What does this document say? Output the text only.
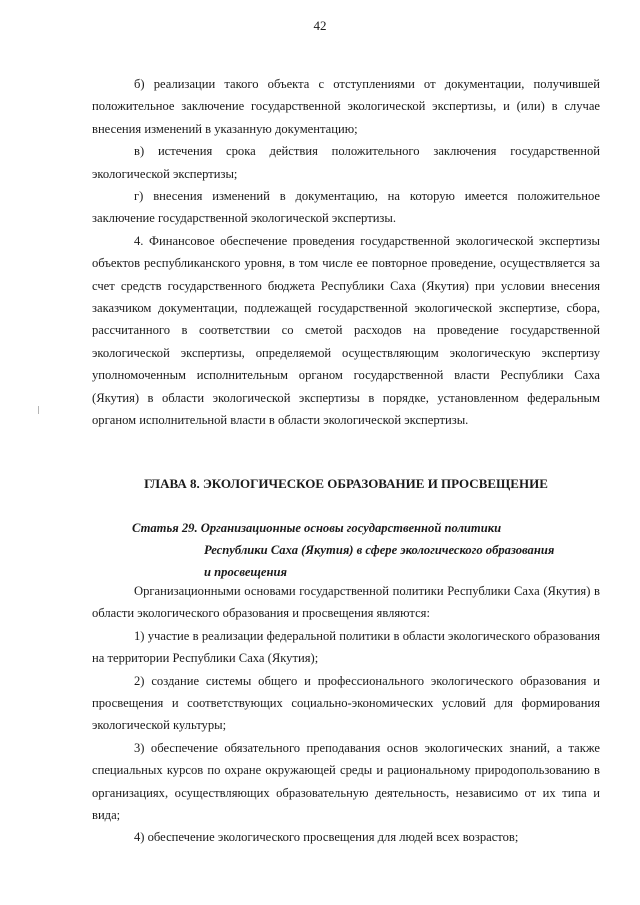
42

б) реализации такого объекта с отступлениями от документации, получившей положительное заключение государственной экологической экспертизы, и (или) в случае внесения изменений в указанную документацию;

в) истечения срока действия положительного заключения государственной экологической экспертизы;

г) внесения изменений в документацию, на которую имеется положительное заключение государственной экологической экспертизы.

4. Финансовое обеспечение проведения государственной экологической экспертизы объектов республиканского уровня, в том числе ее повторное проведение, осуществляется за счет средств государственного бюджета Республики Саха (Якутия) при условии внесения заказчиком документации, подлежащей государственной экологической экспертизе, сбора, рассчитанного в соответствии со сметой расходов на проведение государственной экологической экспертизы, определяемой осуществляющим экологическую экспертизу уполномоченным исполнительным органом государственной власти Республики Саха (Якутия) в области экологической экспертизы в порядке, установленном федеральным органом исполнительной власти в области экологической экспертизы.

ГЛАВА 8. ЭКОЛОГИЧЕСКОЕ ОБРАЗОВАНИЕ И ПРОСВЕЩЕНИЕ
Статья 29. Организационные основы государственной политики
Республики Саха (Якутия) в сфере экологического образования
и просвещения

Организационными основами государственной политики Республики Саха (Якутия) в области экологического образования и просвещения являются:

1) участие в реализации федеральной политики в области экологического образования на территории Республики Саха (Якутия);

2) создание системы общего и профессионального экологического образования и просвещения и соответствующих социально-экономических условий для формирования экологической культуры;

3) обеспечение обязательного преподавания основ экологических знаний, а также специальных курсов по охране окружающей среды и рациональному природопользованию в организациях, осуществляющих образовательную деятельность, независимо от их типа и вида;

4) обеспечение экологического просвещения для людей всех возрастов;
